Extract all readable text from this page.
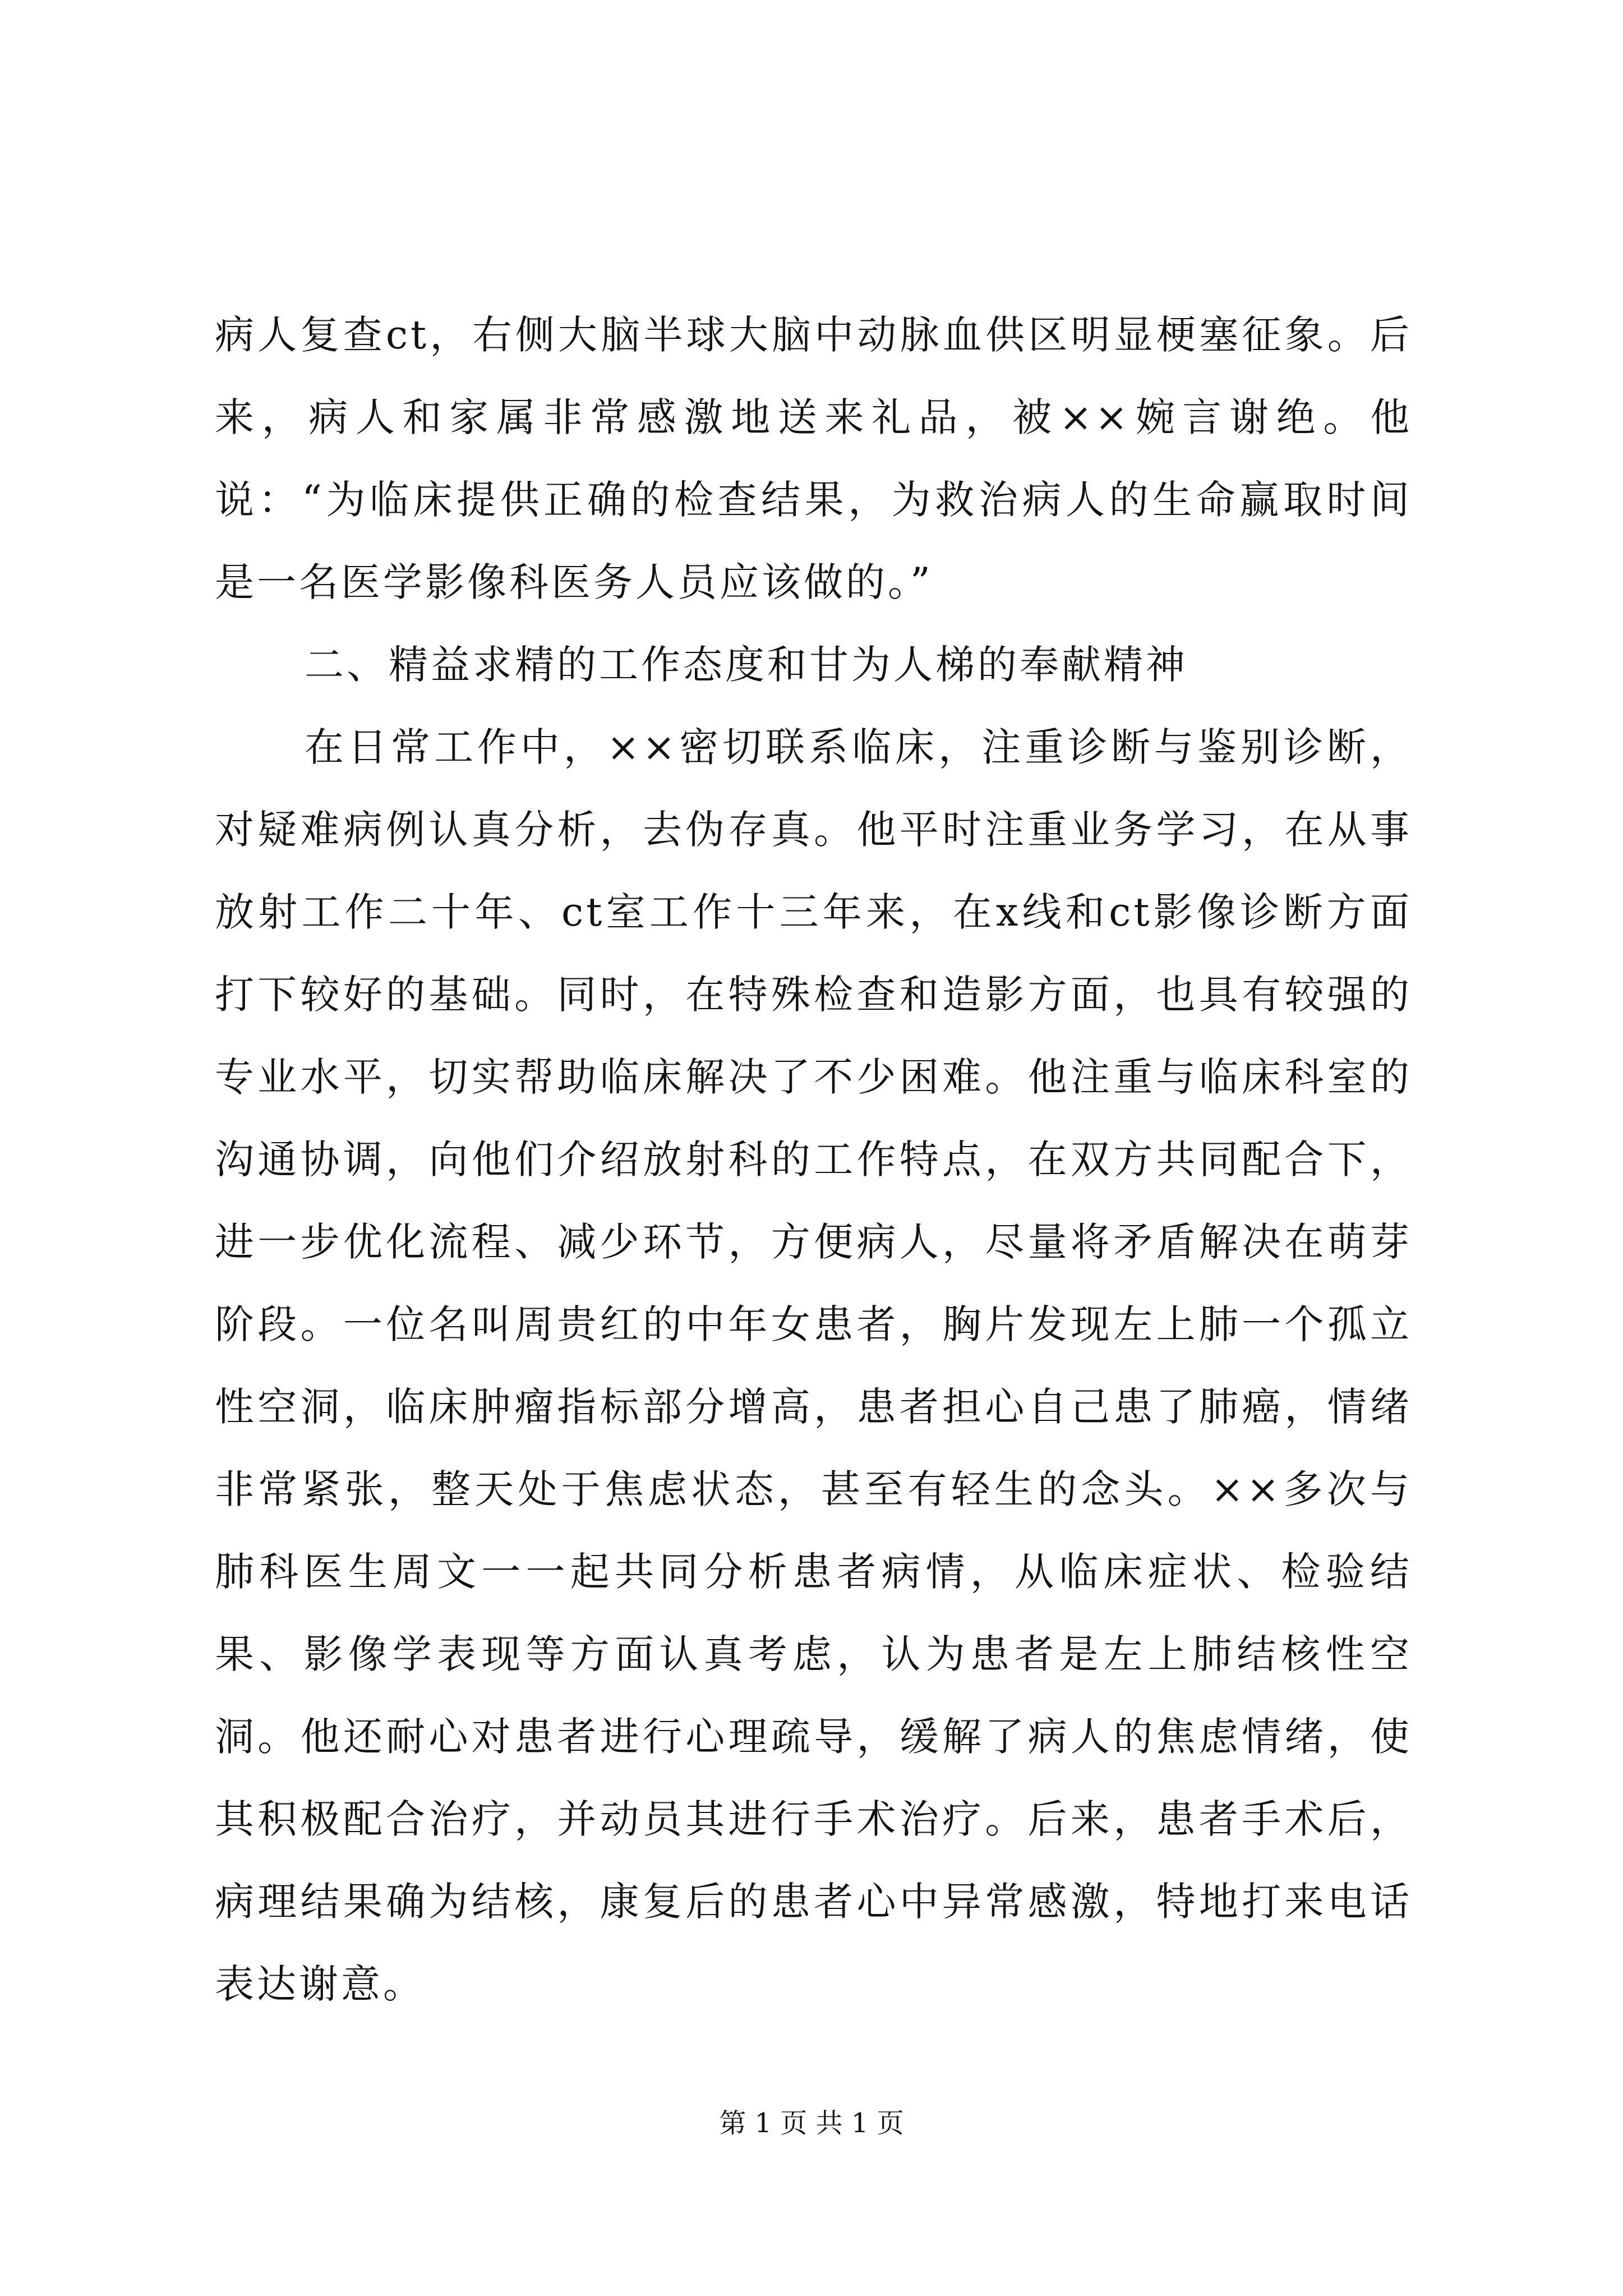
病人复查ct，右侧大脑半球大脑中动脉血供区明显梗塞征象。后来，病人和家属非常感激地送来礼品，被××婉言谢绝。他说：“为临床提供正确的检查结果，为救治病人的生命赢取时间是一名医学影像科医务人员应该做的。”

二、精益求精的工作态度和甘为人梯的奉献精神

在日常工作中，××密切联系临床，注重诊断与鉴别诊断，对疑难病例认真分析，去伪存真。他平时注重业务学习，在从事放射工作二十年、ct室工作十三年来，在x线和ct影像诊断方面打下较好的基础。同时，在特殊检查和造影方面，也具有较强的专业水平，切实帮助临床解决了不少困难。他注重与临床科室的沟通协调，向他们介绍放射科的工作特点，在双方共同配合下，进一步优化流程、减少环节，方便病人，尽量将矛盾解决在萌芽阶段。一位名叫周贵红的中年女患者，胸片发现左上肺一个孤立性空洞，临床肿瘤指标部分增高，患者担心自己患了肺癌，情绪非常紧张，整天处于焦虑状态，甚至有轻生的念头。××多次与肺科医生周文一一起共同分析患者病情，从临床症状、检验结果、影像学表现等方面认真考虑，认为患者是左上肺结核性空洞。他还耐心对患者进行心理疏导，缓解了病人的焦虑情绪，使其积极配合治疗，并动员其进行手术治疗。后来，患者手术后，病理结果确为结核，康复后的患者心中异常感激，特地打来电话表达谢意。

第 1 页 共 1 页
